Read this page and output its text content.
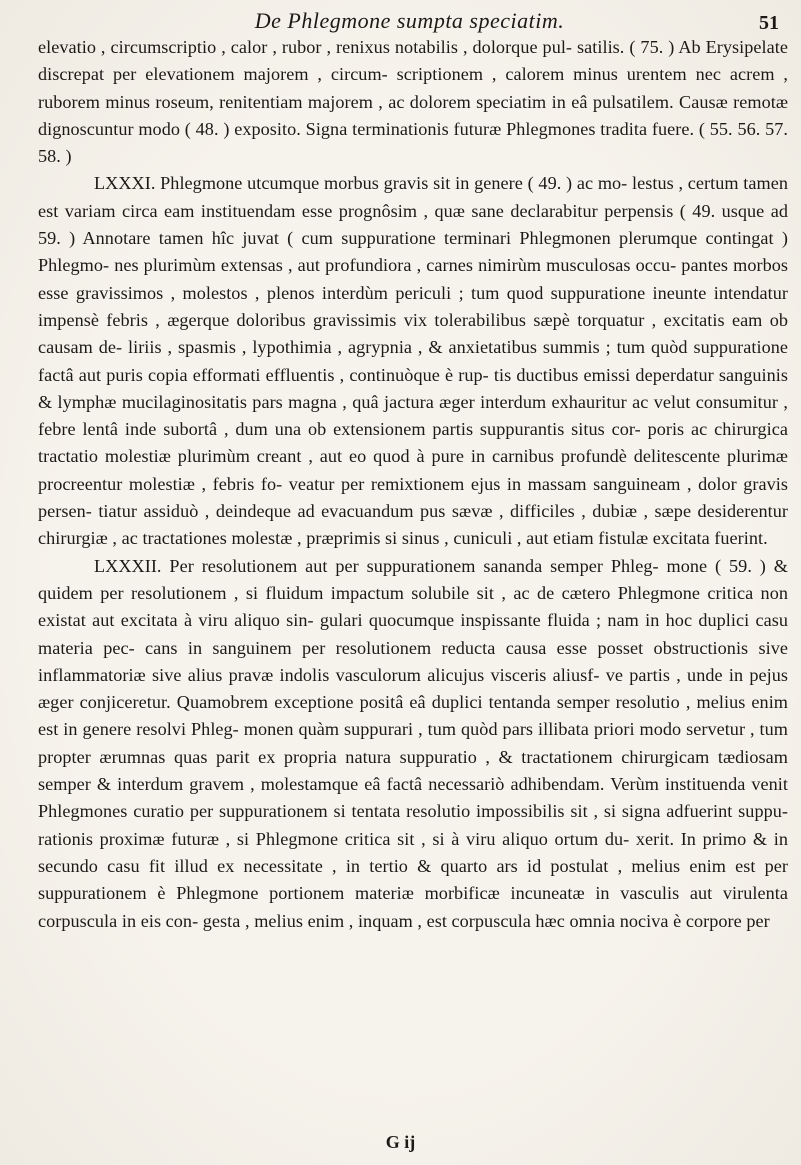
De Phlegmone sumpta speciatim.	51

elevatio , circumscriptio , calor , rubor , renixus notabilis , dolorque pul- satilis. ( 75. ) Ab Erysipelate discrepat per elevationem majorem , circum- scriptionem , calorem minus urentem nec acrem , ruborem minus roseum, renitentiam majorem , ac dolorem speciatim in eâ pulsatilem. Causæ remotæ dignoscuntur modo ( 48. ) exposito. Signa terminationis futuræ Phlegmones tradita fuere. ( 55. 56. 57. 58. )

LXXXI. Phlegmone utcumque morbus gravis sit in genere ( 49. ) ac mo- lestus , certum tamen est variam circa eam instituendam esse prognôsim , quæ sane declarabitur perpensis ( 49. usque ad 59. ) Annotare tamen hîc juvat ( cum suppuratione terminari Phlegmonen plerumque contingat ) Phlegmo- nes plurimùm extensas , aut profundiora , carnes nimirùm musculosas occu- pantes morbos esse gravissimos , molestos , plenos interdùm periculi ; tum quod suppuratione ineunte intendatur impensè febris , ægerque doloribus gravissimis vix tolerabilibus sæpè torquatur , excitatis eam ob causam de- liriis , spasmis , lypothimia , agrypnia , & anxietatibus summis ; tum quòd suppuratione factâ aut puris copia efformati effluentis , continuòque è rup- tis ductibus emissi deperdatur sanguinis & lymphæ mucilaginositatis pars magna , quâ jactura æger interdum exhauritur ac velut consumitur , febre lentâ inde subortâ , dum una ob extensionem partis suppurantis situs cor- poris ac chirurgica tractatio molestiæ plurimùm creant , aut eo quod à pure in carnibus profundè delitescente plurimæ procreentur molestiæ , febris fo- veatur per remixtionem ejus in massam sanguineam , dolor gravis persen- tiatur assiduò , deindeque ad evacuandum pus sævæ , difficiles , dubiæ , sæpe desiderentur chirurgiæ , ac tractationes molestæ , præprimis si sinus , cuniculi , aut etiam fistulæ excitata fuerint.

LXXXII. Per resolutionem aut per suppurationem sananda semper Phleg- mone ( 59. ) & quidem per resolutionem , si fluidum impactum solubile sit , ac de cætero Phlegmone critica non existat aut excitata à viru aliquo sin- gulari quocumque inspissante fluida ; nam in hoc duplici casu materia pec- cans in sanguinem per resolutionem reducta causa esse posset obstructionis sive inflammatoriæ sive alius pravæ indolis vasculorum alicujus visceris aliusf- ve partis , unde in pejus æger conjiceretur. Quamobrem exceptione positâ eâ duplici tentanda semper resolutio , melius enim est in genere resolvi Phleg- monen quàm suppurari , tum quòd pars illibata priori modo servetur , tum propter ærumnas quas parit ex propria natura suppuratio , & tractationem chirurgicam tædiosam semper & interdum gravem , molestamque eâ factâ necessariò adhibendam. Verùm instituenda venit Phlegmones curatio per suppurationem si tentata resolutio impossibilis sit , si signa adfuerint suppu- rationis proximæ futuræ , si Phlegmone critica sit , si à viru aliquo ortum du- xerit. In primo & in secundo casu fit illud ex necessitate , in tertio & quarto ars id postulat , melius enim est per suppurationem è Phlegmone portionem materiæ morbificæ incuneatæ in vasculis aut virulenta corpuscula in eis con- gesta , melius enim , inquam , est corpuscula hæc omnia nociva è corpore per

G ij
